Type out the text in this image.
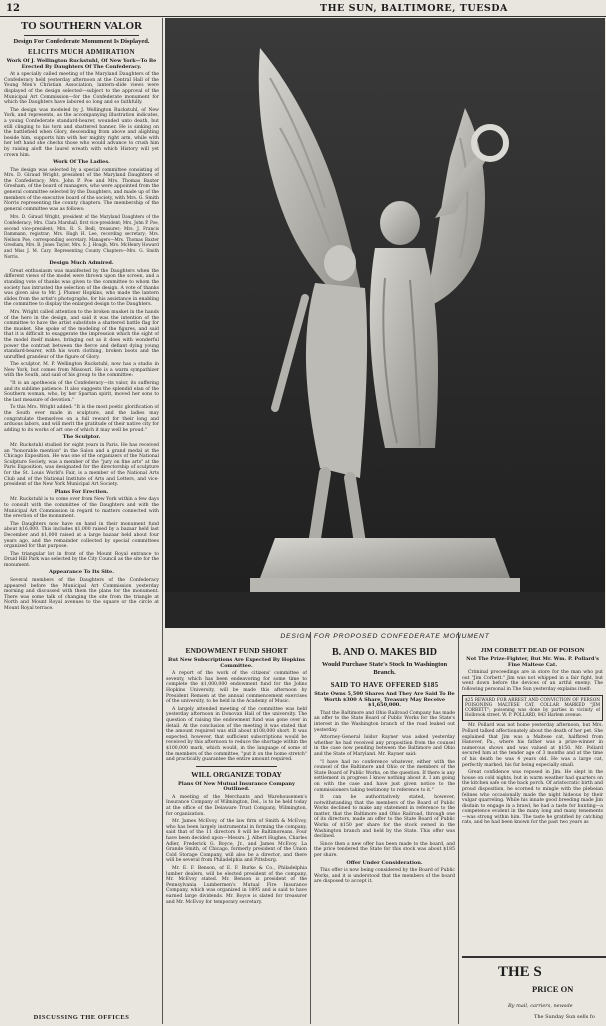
12	THE SUN, BALTIMORE, TUESDA
TO SOUTHERN VALOR
Design For Confederate Monument Is Displayed.
ELICITS MUCH ADMIRATION
Work Of J. Wellington Ruckstuhl, Of New York—To Be Erected By Daughters Of The Confederacy.

At a specially called meeting of the Maryland Daughters of the Confederacy held yesterday afternoon at the Central Hall of the Young Men's Christian Association, lantern-slide views were displayed of the design selected—subject to the approval of the Municipal Art Commission—for the Confederate monument for which the Daughters have labored so long and so faithfully.

The design was modeled by J. Wellington Ruckstuhl, of New York, and represents, as the accompanying illustration indicates, a young Confederate standard-bearer, wounded unto death, but still clinging to his torn and shattered banner. He is sinking on the battlefield when Glory, descending from above and alighting beside him, supports him with her mighty right arm, while with her left hand she checks those who would advance to crush him by raising aloft the laurel wreath with which History will yet crown him.

Work Of The Ladies.

The design was selected by a special committee consisting of Mrs. D. Giraud Wright, president of the Maryland Daughters of the Confederacy; Mrs. John P. Poe and Mrs. Thomas Baxter Gresham, of the board of managers, who were appointed from the general committee selected by the Daughters, and made up of the members of the executive board of the society, with Mrs. G. Smith Norris representing the county chapters. The membership of the general committee was as follows:

Mrs. D. Giraud Wright, president of the Maryland Daughters of the Confederacy; Mrs. Clara Marshall, first vice-president; Mrs. John P. Poe, second vice-president; Mrs. R. S. Bedl, treasurer; Mrs. J. Francis Dammann, registrar; Mrs. Hugh H. Lee, recording secretary; Mrs. Neilson Poe, corresponding secretary. Managers—Mrs. Thomas Baxter Gresham, Mrs. B. Jones Taylor, Mrs. S. J. Hough, Mrs. McHenry Howard and Miss J. M. Cary. Representing County Chapters—Mrs. G. Smith Norris.

Design Much Admired.

Great enthusiasm was manifested by the Daughters when the different views of the model were thrown upon the screen, and a standing vote of thanks was given to the committee to whom the society has intrusted the selection of the design. A vote of thanks was given also to Mr. J. Plumer Hopkins, who made the lantern slides from the artist's photographs, for his assistance in enabling the committee to display the enlarged design to the Daughters.

Mrs. Wright called attention to the broken musket in the hands of the hero in the design, and said it was the intention of the committee to have the artist substitute a shattered battle flag for the musket. She spoke of the modeling of the figures, and said that it is difficult to exaggerate the impression which the sight of the model itself makes, bringing out as it does with wonderful power the contrast between the fierce and defiant dying young standard-bearer, with his worn clothing, broken boots and the unruffled grandeur of the figure of Glory.

The sculptor, M. P. Wellington Ruckstuhl, now has a studio in New York, but comes from Missouri. He is a warm sympathizer with the South, and said of his group to the committee:

"It is an apotheosis of the Confederacy—its valor, its suffering and its sublime patience. It also suggests the splendid elan of the Southern woman, who, by her Spartan spirit, moved her sons to the last measure of devotion."

To this Mrs. Wright added: "It is the most poetic glorification of the South ever made in sculpture, and the ladies may congratulate themselves on a full reward for their long and arduous labors, and will merit the gratitude of their native city for adding to its works of art one of which it may well be proud."

The Sculptor.

Mr. Ruckstuhl studied for eight years in Paris. He has received an "honorable mention" in the Salon and a grand medal at the Chicago Exposition. He was one of the organizers of the National Sculpture Society, was a member of the "jury on fine arts" at the Paris Exposition, was designated for the directorship of sculpture for the St. Louis World's Fair, is a member of the National Arts Club and of the National Institute of Arts and Letters, and vice-president of the New York Municipal Art Society.

Plans For Erection.

Mr. Ruckstuhl is to come over from New York within a few days to consult with the committee of the Daughters and with the Municipal Art Commission in regard to matters connected with the erection of the monument.

The Daughters now have on hand in their monument fund about $16,000. This includes $1,000 raised by a bazaar held last December and $1,000 raised at a large bazaar held about four years ago, and the remainder collected by special committees organized for that purpose.

The triangular lot in front of the Mount Royal entrance to Druid Hill Park was selected by the City Council as the site for the monument.

Appearance To Its Site.

Several members of the Daughters of the Confederacy appeared before the Municipal Art Commission yesterday morning and discussed with them the plans for the monument. There was some talk of changing the site from the triangle at North and Mount Royal avenues to the square or the circle at Mount Royal terrace.

DISCUSSING THE OFFICES
DESIGN FOR PROPOSED CONFEDERATE MONUMENT
ENDOWMENT FUND SHORT
But New Subscriptions Are Expected By Hopkins Committee.

A report of the work of the citizens' committee of seventy, which has been endeavoring for some time to complete the $1,000,000 endowment fund for the Johns Hopkins University, will be made this afternoon by President Remsen at the annual commencement exercises of the university, to be held in the Academy of Music.

A largely attended meeting of the committee was held yesterday afternoon in Donovan Hall of the university. The question of raising the endowment fund was gone over in detail. At the conclusion of the meeting it was stated that the amount required was still about $108,000 short. It was expected, however, that sufficient subscriptions would be received by this afternoon to reduce the shortage within the $100,000 mark, which would, in the language of some of the members of the committee, "put it on the home stretch" and practically guarantee the entire amount required.

WILL ORGANIZE TODAY
Plans Of New Mutual Insurance Company Outlined.

A meeting of the Merchants and Warehousemen's Insurance Company of Wilmington, Del., is to be held today at the office of the Delaware Trust Company, Wilmington, for organization.

Mr. James McEvoy, of the law firm of Smith & McEvoy, who has been largely instrumental in forming the company, said that of the 11 directors 8 will be Baltimoreans. Four have been decided upon—Messrs. J. Albert Hughes, Charles Adler, Frederick G. Boyce, Jr., and James McEvoy. La Grande Smith, of Chicago, formerly president of the Union Cold Storage Company, will also be a director, and there will be several from Philadelphia and Pittsburg.

Mr. E. F. Benson, of E. F. Burke & Co., Philadelphia lumber dealers, will be elected president of the company, Mr. McEvoy stated. Mr. Benson is president of the Pennsylvania Lumbermen's Mutual Fire Insurance Company, which was organized in 1895 and is said to have earned large dividends. Mr. Boyce is slated for treasurer and Mr. McEvoy for temporary secretary.

B. AND O. MAKES BID
Would Purchase State's Stock In Washington Branch.
SAID TO HAVE OFFERED $185
State Owns 5,500 Shares And They Are Said To Be Worth $300 A Share, Treasury May Receive $1,650,000.

That the Baltimore and Ohio Railroad Company has made an offer to the State Board of Public Works for the State's interest in the Washington branch of the road leaked out yesterday.

Attorney-General Isidor Rayner was asked yesterday whether he had received any proposition from the counsel in the case now pending between the Baltimore and Ohio and the State of Maryland. Mr. Rayner said:

"I have had no conference whatever, either with the counsel of the Baltimore and Ohio or the members of the State Board of Public Works, on the question. If there is any settlement in progress I know nothing about it. I am going on with the case and have just given notice to the commissioners taking testimony to reference to it."

It can be authoritatively stated, however, notwithstanding that the members of the Board of Public Works declined to make any statement in reference to the matter, that the Baltimore and Ohio Railroad, through one of its directors, made an offer to the State Board of Public Works of $150 per share for the stock owned in the Washington branch and held by the State. This offer was declined.

Since then a new offer has been made to the board, and the price tendered the State for this stock was about $185 per share.

Offer Under Consideration.

This offer is now being considered by the Board of Public Works, and it is understood that the members of the board are disposed to accept it.

JIM CORBETT DEAD OF POISON
Not The Prize-Fighter, But Mr. Wm. P. Pollard's Fine Maltese Cat.

Criminal proceedings are in store for the man who put out "Jim Corbett." Jim was not whipped in a fair fight, but went down before the devices of an artful enemy. The following personal in The Sun yesterday explains itself:

$25 REWARD FOR ARREST AND CONVICTION OF PERSON POISONING MALTESE CAT, COLLAR MARKED "JIM CORBETT"; poisoning was done by parties in vicinity of Holbrook street. W. P. POLLARD, 843 Harlem avenue.

Mr. Pollard was not home yesterday afternoon, but Mrs. Pollard talked affectionately about the death of her pet. She explained that Jim was a Maltese cat, halfbred from Hanover, Pa., where his father was a prize-winner in numerous shows and was valued at $150. Mr. Pollard secured him at the tender age of 3 months and at the time of his death he was 4 years old. He was a large cat, perfectly marked, his fur being especially small.

Great confidence was reposed in Jim. He slept in the house on cold nights, but in warm weather had quarters on the kitchen safe on the back porch. Of aristocratic birth and proud disposition, he scorned to mingle with the plebeian felines who occasionally made the night hideous by their vulgar quarreling. While his innate good breeding made Jim disdain to engage in a brawl, he had a taste for hunting—a competence evident in the many long and many tenements—was strong within him. The taste he gratified by catching rats, and he had been known for the past two years as

THE S
PRICE ON
By mail, carriers, newsde
The Sunday Sun sells fo
